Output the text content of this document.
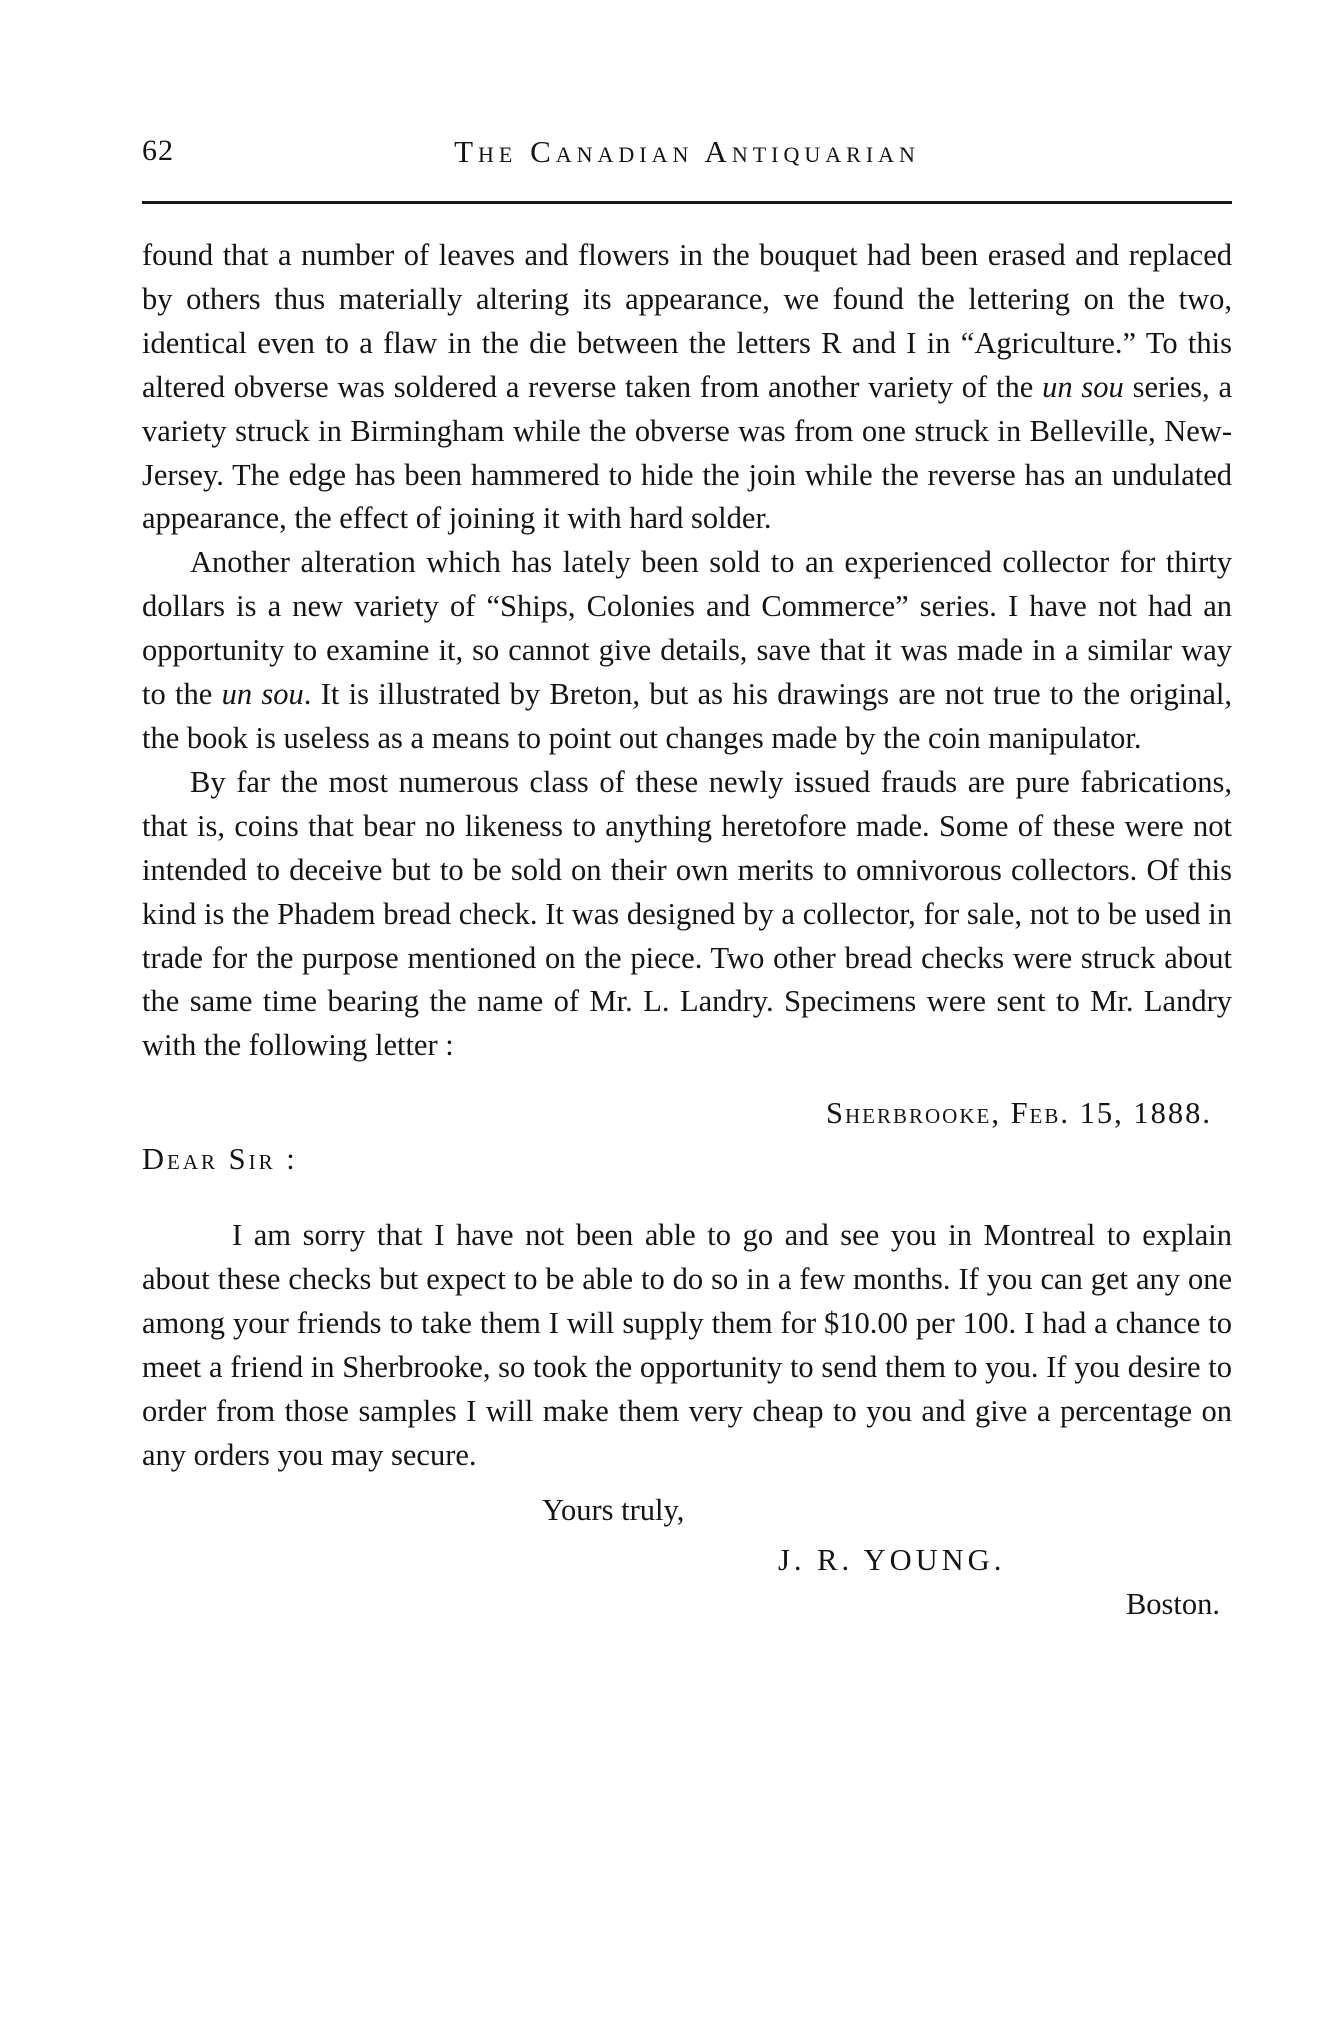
62	The Canadian Antiquarian

found that a number of leaves and flowers in the bouquet had been erased and replaced by others thus materially altering its appearance, we found the lettering on the two, identical even to a flaw in the die between the letters R and I in “Agriculture.” To this altered obverse was soldered a reverse taken from another variety of the un sou series, a variety struck in Birmingham while the obverse was from one struck in Belleville, New-Jersey. The edge has been hammered to hide the join while the reverse has an undulated appearance, the effect of joining it with hard solder.

Another alteration which has lately been sold to an experienced collector for thirty dollars is a new variety of “Ships, Colonies and Commerce” series. I have not had an opportunity to examine it, so cannot give details, save that it was made in a similar way to the un sou. It is illustrated by Breton, but as his drawings are not true to the original, the book is useless as a means to point out changes made by the coin manipulator.

By far the most numerous class of these newly issued frauds are pure fabrications, that is, coins that bear no likeness to anything heretofore made. Some of these were not intended to deceive but to be sold on their own merits to omnivorous collectors. Of this kind is the Phadem bread check. It was designed by a collector, for sale, not to be used in trade for the purpose mentioned on the piece. Two other bread checks were struck about the same time bearing the name of Mr. L. Landry. Specimens were sent to Mr. Landry with the following letter :

Sherbrooke, Feb. 15, 1888.

Dear Sir :

I am sorry that I have not been able to go and see you in Montreal to explain about these checks but expect to be able to do so in a few months. If you can get any one among your friends to take them I will supply them for $10.00 per 100. I had a chance to meet a friend in Sherbrooke, so took the opportunity to send them to you. If you desire to order from those samples I will make them very cheap to you and give a percentage on any orders you may secure.

Yours truly,

J. R. YOUNG.

Boston.
